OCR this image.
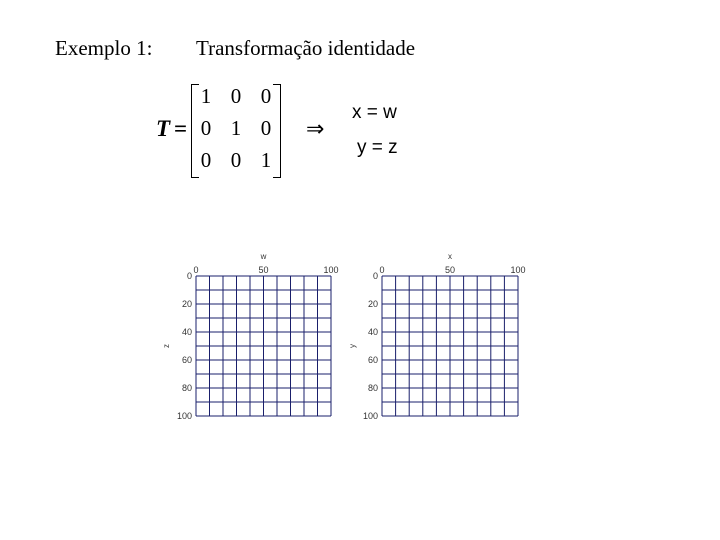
Exemplo 1: Transformação identidade
T =
1 0 0
0 1 0
0 0 1
⇒
x = w
y = z
0	50	100
0
20
40
60
80
100
w
z
0	50	100
0
20
40
60
80
100
x
y
